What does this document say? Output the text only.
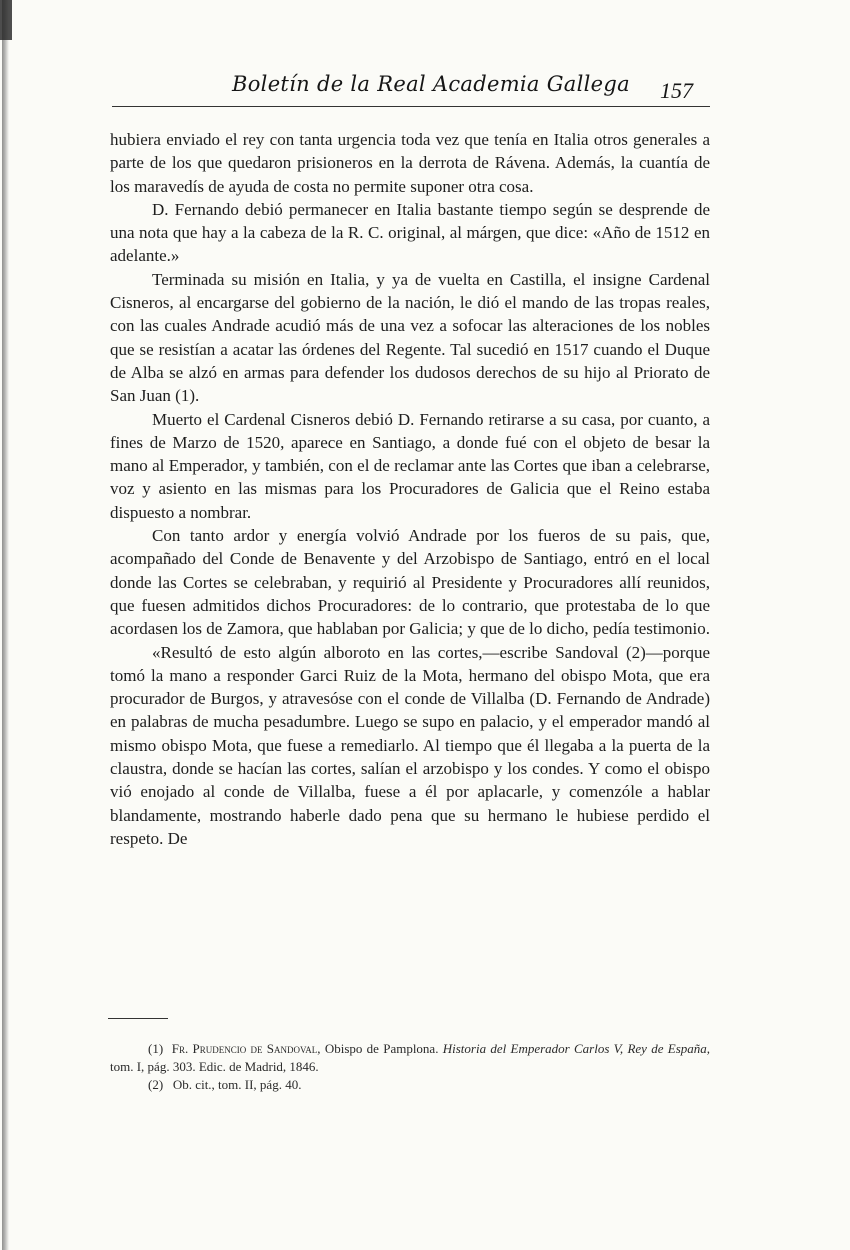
Boletín de la Real Academia Gallega 157

hubiera enviado el rey con tanta urgencia toda vez que tenía en Italia otros generales a parte de los que quedaron prisioneros en la derrota de Rávena. Además, la cuantía de los maravedís de ayuda de costa no permite suponer otra cosa.

D. Fernando debió permanecer en Italia bastante tiempo según se desprende de una nota que hay a la cabeza de la R. C. original, al márgen, que dice: «Año de 1512 en adelante.»

Terminada su misión en Italia, y ya de vuelta en Castilla, el insigne Cardenal Cisneros, al encargarse del gobierno de la nación, le dió el mando de las tropas reales, con las cuales Andrade acudió más de una vez a sofocar las alteraciones de los nobles que se resistían a acatar las órdenes del Regente. Tal sucedió en 1517 cuando el Duque de Alba se alzó en armas para defender los dudosos derechos de su hijo al Priorato de San Juan (1).

Muerto el Cardenal Cisneros debió D. Fernando retirarse a su casa, por cuanto, a fines de Marzo de 1520, aparece en Santiago, a donde fué con el objeto de besar la mano al Emperador, y también, con el de reclamar ante las Cortes que iban a celebrarse, voz y asiento en las mismas para los Procuradores de Galicia que el Reino estaba dispuesto a nombrar.

Con tanto ardor y energía volvió Andrade por los fueros de su pais, que, acompañado del Conde de Benavente y del Arzobispo de Santiago, entró en el local donde las Cortes se celebraban, y requirió al Presidente y Procuradores allí reunidos, que fuesen admitidos dichos Procuradores: de lo contrario, que protestaba de lo que acordasen los de Zamora, que hablaban por Galicia; y que de lo dicho, pedía testimonio.

«Resultó de esto algún alboroto en las cortes,—escribe Sandoval (2)—porque tomó la mano a responder Garci Ruiz de la Mota, hermano del obispo Mota, que era procurador de Burgos, y atravesóse con el conde de Villalba (D. Fernando de Andrade) en palabras de mucha pesadumbre. Luego se supo en palacio, y el emperador mandó al mismo obispo Mota, que fuese a remediarlo. Al tiempo que él llegaba a la puerta de la claustra, donde se hacían las cortes, salían el arzobispo y los condes. Y como el obispo vió enojado al conde de Villalba, fuese a él por aplacarle, y comenzóle a hablar blandamente, mostrando haberle dado pena que su hermano le hubiese perdido el respeto. De

(1) Fr. Prudencio de Sandoval, Obispo de Pamplona. Historia del Emperador Carlos V, Rey de España, tom. I, pág. 303. Edic. de Madrid, 1846.

(2) Ob. cit., tom. II, pág. 40.
